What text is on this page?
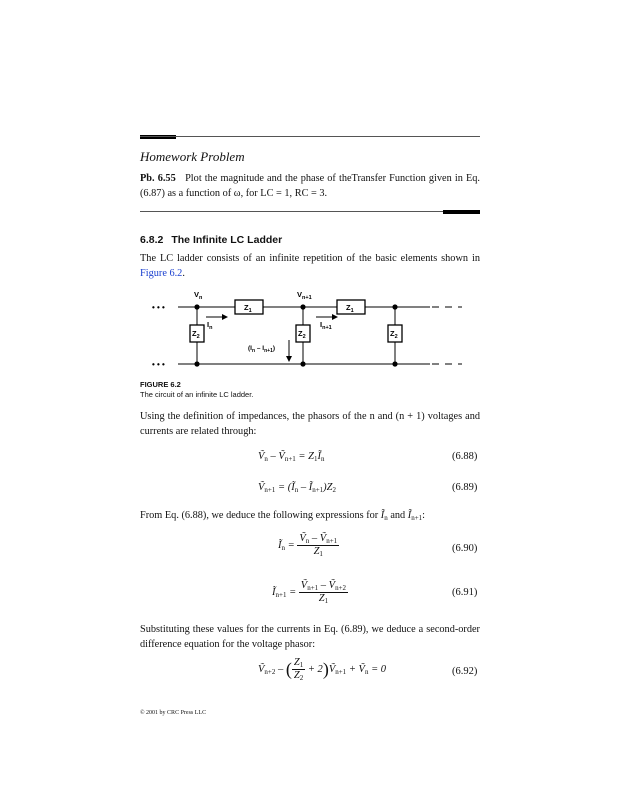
Homework Problem
Pb. 6.55 Plot the magnitude and the phase of theTransfer Function given in Eq. (6.87) as a function of ω, for LC = 1, RC = 3.
6.8.2 The Infinite LC Ladder
The LC ladder consists of an infinite repetition of the basic elements shown in Figure 6.2.
• • •
• • •
$V_n$	$V_{n+1}$
$Z_1$	$Z_1$
$Z_2$	$Z_2$	$Z_2$
$I_n$	$I_{n+1}$
$(I_n - I_{n+1})$
FIGURE 6.2
The circuit of an infinite LC ladder.
Using the definition of impedances, the phasors of the n and (n + 1) voltages and currents are related through:
Ṽ$_n$ – Ṽ$_{n+1}$ = $Z_1Ĩ_n$	(6.88)
Ṽ$_{n+1}$ = ($Ĩ_n$ – $Ĩ_{n+1})Z_2$	(6.89)
From Eq. (6.88), we deduce the following expressions for $Ĩ_n$ and $Ĩ_{n+1}$:
$Ĩ_n = \frac{Ṽ_n - Ṽ_{n+1}}{Z_1}$	(6.90)
$Ĩ_{n+1} = \frac{Ṽ_{n+1} - Ṽ_{n+2}}{Z_1}$	(6.91)
Substituting these values for the currents in Eq. (6.89), we deduce a second-order difference equation for the voltage phasor:
Ṽ$_{n+2}$ – ( $\frac{Z_1}{Z_2}$ + 2)Ṽ$_{n+1}$ + Ṽ$_n$ = 0	(6.92)
© 2001 by CRC Press LLC
